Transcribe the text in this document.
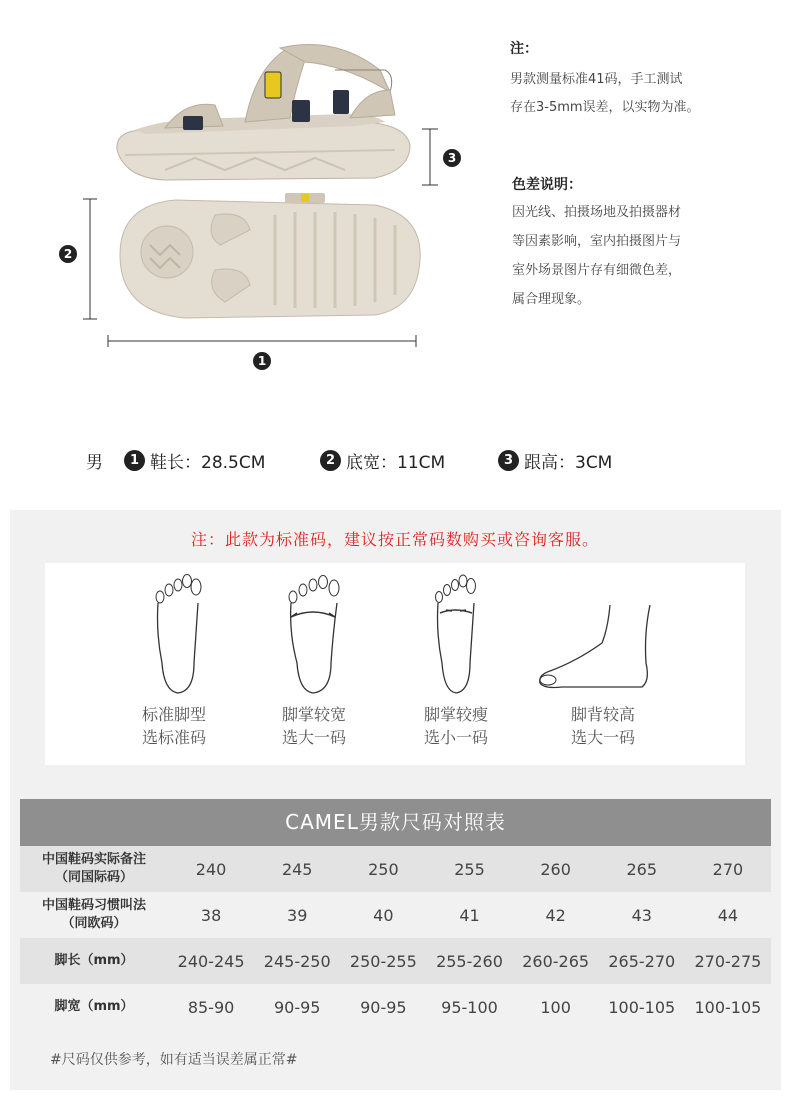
3
2
1
注：
男款测量标准41码，手工测试
存在3-5mm误差，以实物为准。
色差说明：
因光线、拍摄场地及拍摄器材
等因素影响，室内拍摄图片与
室外场景图片存有细微色差，
属合理现象。
男	1 鞋长：28.5CM	2 底宽：11CM	3 跟高：3CM
注：此款为标准码，建议按正常码数购买或咨询客服。
标准脚型
选标准码
脚掌较宽
选大一码
脚掌较瘦
选小一码
脚背较高
选大一码
CAMEL男款尺码对照表
中国鞋码实际备注
（同国际码）	240	245	250	255	260	265	270
中国鞋码习惯叫法
（同欧码）	38	39	40	41	42	43	44
脚长（mm）	240-245	245-250	250-255	255-260	260-265	265-270	270-275
脚宽（mm）	85-90	90-95	90-95	95-100	100	100-105	100-105
#尺码仅供参考，如有适当误差属正常#
